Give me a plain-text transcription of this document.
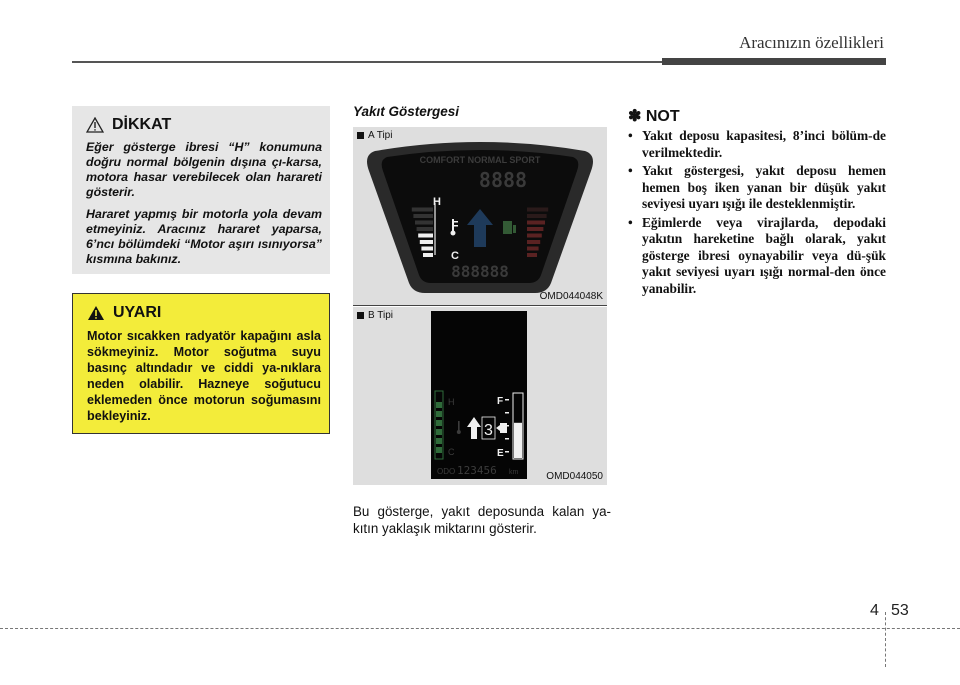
Aracınızın özellikleri
DİKKAT

Eğer gösterge ibresi “H” konumuna doğru normal bölgenin dışına çı-karsa, motora hasar verebilecek olan harareti gösterir.

Hararet yapmış bir motorla yola devam etmeyiniz. Aracınız hararet yaparsa, 6’ncı bölümdeki “Motor aşırı ısınıyorsa” kısmına bakınız.

UYARI

Motor sıcakken radyatör kapağını asla sökmeyiniz. Motor soğutma suyu basınç altındadır ve ciddi ya-nıklara neden olabilir. Hazneye soğutucu eklemeden önce motorun soğumasını bekleyiniz.

Yakıt Göstergesi
A Tipi
COMFORT NORMAL SPORT
8888
H
C
888888
OMD044048K
B Tipi
H
C
F
E
3
ODO 123456 km	OMD044050
Bu gösterge, yakıt deposunda kalan ya-kıtın yaklaşık miktarını gösterir.
✽ NOT
• Yakıt deposu kapasitesi, 8’inci bölüm-de verilmektedir.
• Yakıt göstergesi, yakıt deposu hemen hemen boş iken yanan bir düşük yakıt seviyesi uyarı ışığı ile desteklenmiştir.
• Eğimlerde veya virajlarda, depodaki yakıtın hareketine bağlı olarak, yakıt gösterge ibresi oynayabilir veya dü-şük yakıt seviyesi uyarı ışığı normal-den önce yanabilir.
4 53
